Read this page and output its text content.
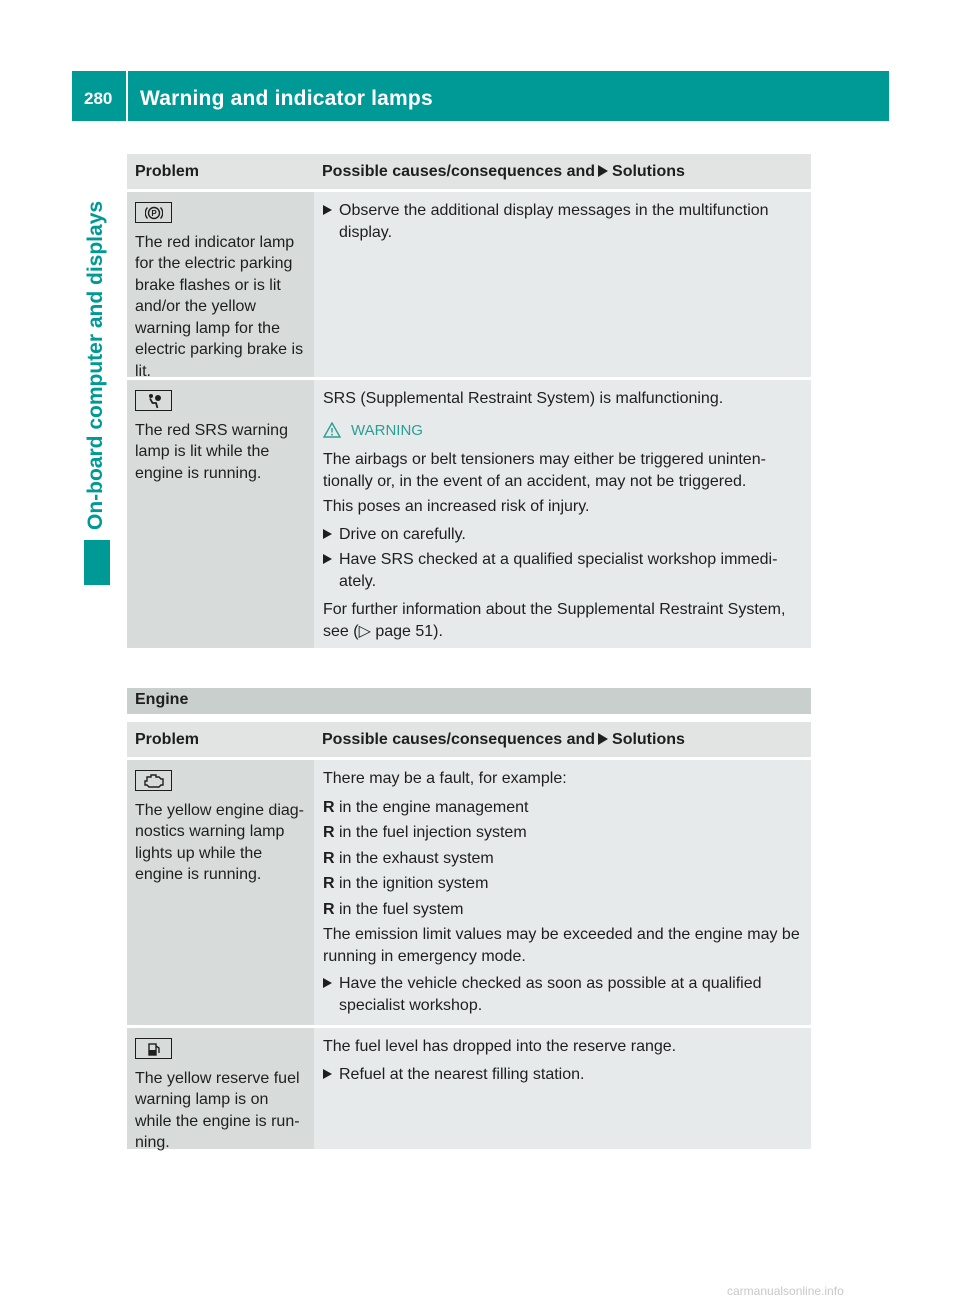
280 Warning and indicator lamps
On-board computer and displays
Problem	Possible causes/consequences and Solutions
P
The red indicator lamp for the electric parking brake flashes or is lit and/or the yellow warning lamp for the electric parking brake is lit.
Observe the additional display messages in the multifunction display.
The red SRS warning lamp is lit while the engine is running.
SRS (Supplemental Restraint System) is malfunctioning.
WARNING
The airbags or belt tensioners may either be triggered uninten-tionally or, in the event of an accident, may not be triggered.
This poses an increased risk of injury.
Drive on carefully.
Have SRS checked at a qualified specialist workshop immedi-ately.
For further information about the Supplemental Restraint System, see (▷ page 51).
Engine
Problem	Possible causes/consequences and Solutions
The yellow engine diag-nostics warning lamp lights up while the engine is running.
There may be a fault, for example:
R in the engine management
R in the fuel injection system
R in the exhaust system
R in the ignition system
R in the fuel system
The emission limit values may be exceeded and the engine may be running in emergency mode.
Have the vehicle checked as soon as possible at a qualified specialist workshop.
The yellow reserve fuel warning lamp is on while the engine is run-ning.
The fuel level has dropped into the reserve range.
Refuel at the nearest filling station.
carmanualsonline.info
